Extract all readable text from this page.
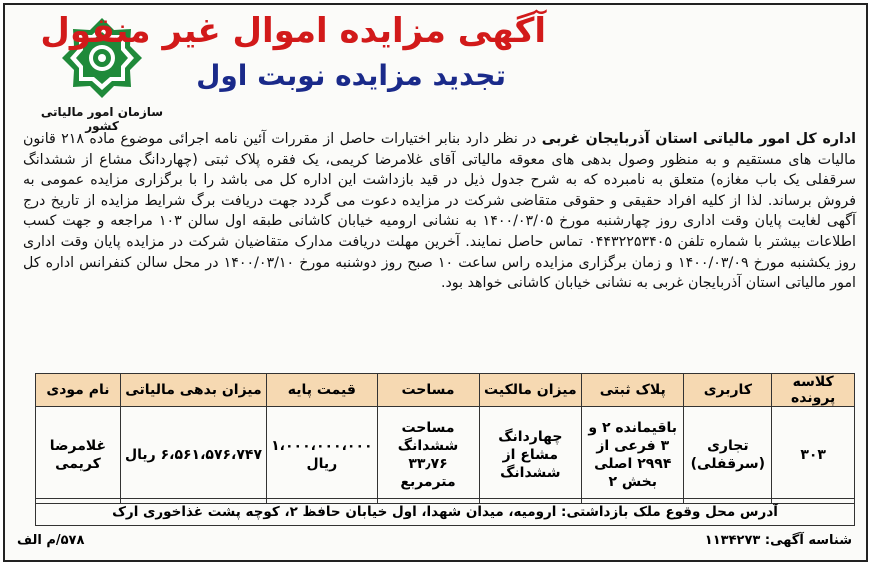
سازمان امور مالیاتی کشور
آگهی مزایده اموال غیر منقول
تجدید مزایده نوبت اول
اداره کل امور مالیاتی استان آذربایجان غربی در نظر دارد بنابر اختیارات حاصل از مقررات آئین نامه اجرائی موضوع ماده ۲۱۸ قانون مالیات های مستقیم و به منظور وصول بدهی های معوقه مالیاتی آقای غلامرضا کریمی، یک فقره پلاک ثبتی (چهاردانگ مشاع از ششدانگ سرقفلی یک باب مغازه) متعلق به نامبرده که به شرح جدول ذیل در قید بازداشت این اداره کل می باشد را با برگزاری مزایده عمومی به فروش برساند. لذا از کلیه افراد حقیقی و حقوقی متقاضی شرکت در مزایده دعوت می گردد جهت دریافت برگ شرایط مزایده از تاریخ درج آگهی لغایت پایان وقت اداری روز چهارشنبه مورخ ۱۴۰۰/۰۳/۰۵ به نشانی ارومیه خیابان کاشانی طبقه اول سالن ۱۰۳ مراجعه و جهت کسب اطلاعات بیشتر با شماره تلفن ۰۴۴۳۲۲۵۳۴۰۵ تماس حاصل نمایند. آخرین مهلت دریافت مدارک متقاضیان شرکت در مزایده پایان وقت اداری روز یکشنبه مورخ ۱۴۰۰/۰۳/۰۹ و زمان برگزاری مزایده راس ساعت ۱۰ صبح روز دوشنبه مورخ ۱۴۰۰/۰۳/۱۰ در محل سالن کنفرانس اداره کل امور مالیاتی استان آذربایجان غربی به نشانی خیابان کاشانی خواهد بود.
کلاسه پرونده	کاربری	پلاک ثبتی	میزان مالکیت	مساحت	قیمت پایه	میزان بدهی مالیاتی	نام مودی
۳۰۳	تجاری (سرقفلی)	باقیمانده ۲ و ۳ فرعی از ۲۹۹۴ اصلی بخش ۲	چهاردانگ مشاع از ششدانگ	مساحت ششدانگ ۳۳٫۷۶ مترمربع	۱،۰۰۰،۰۰۰،۰۰۰ ریال	۶،۵۶۱،۵۷۶،۷۴۷ ریال	غلامرضا کریمی
آدرس محل وقوع ملک بازداشتی: ارومیه، میدان شهدا، اول خیابان حافظ ۲، کوچه پشت غذاخوری ارک
شناسه آگهی: ۱۱۳۴۲۷۳
۵۷۸/م الف
